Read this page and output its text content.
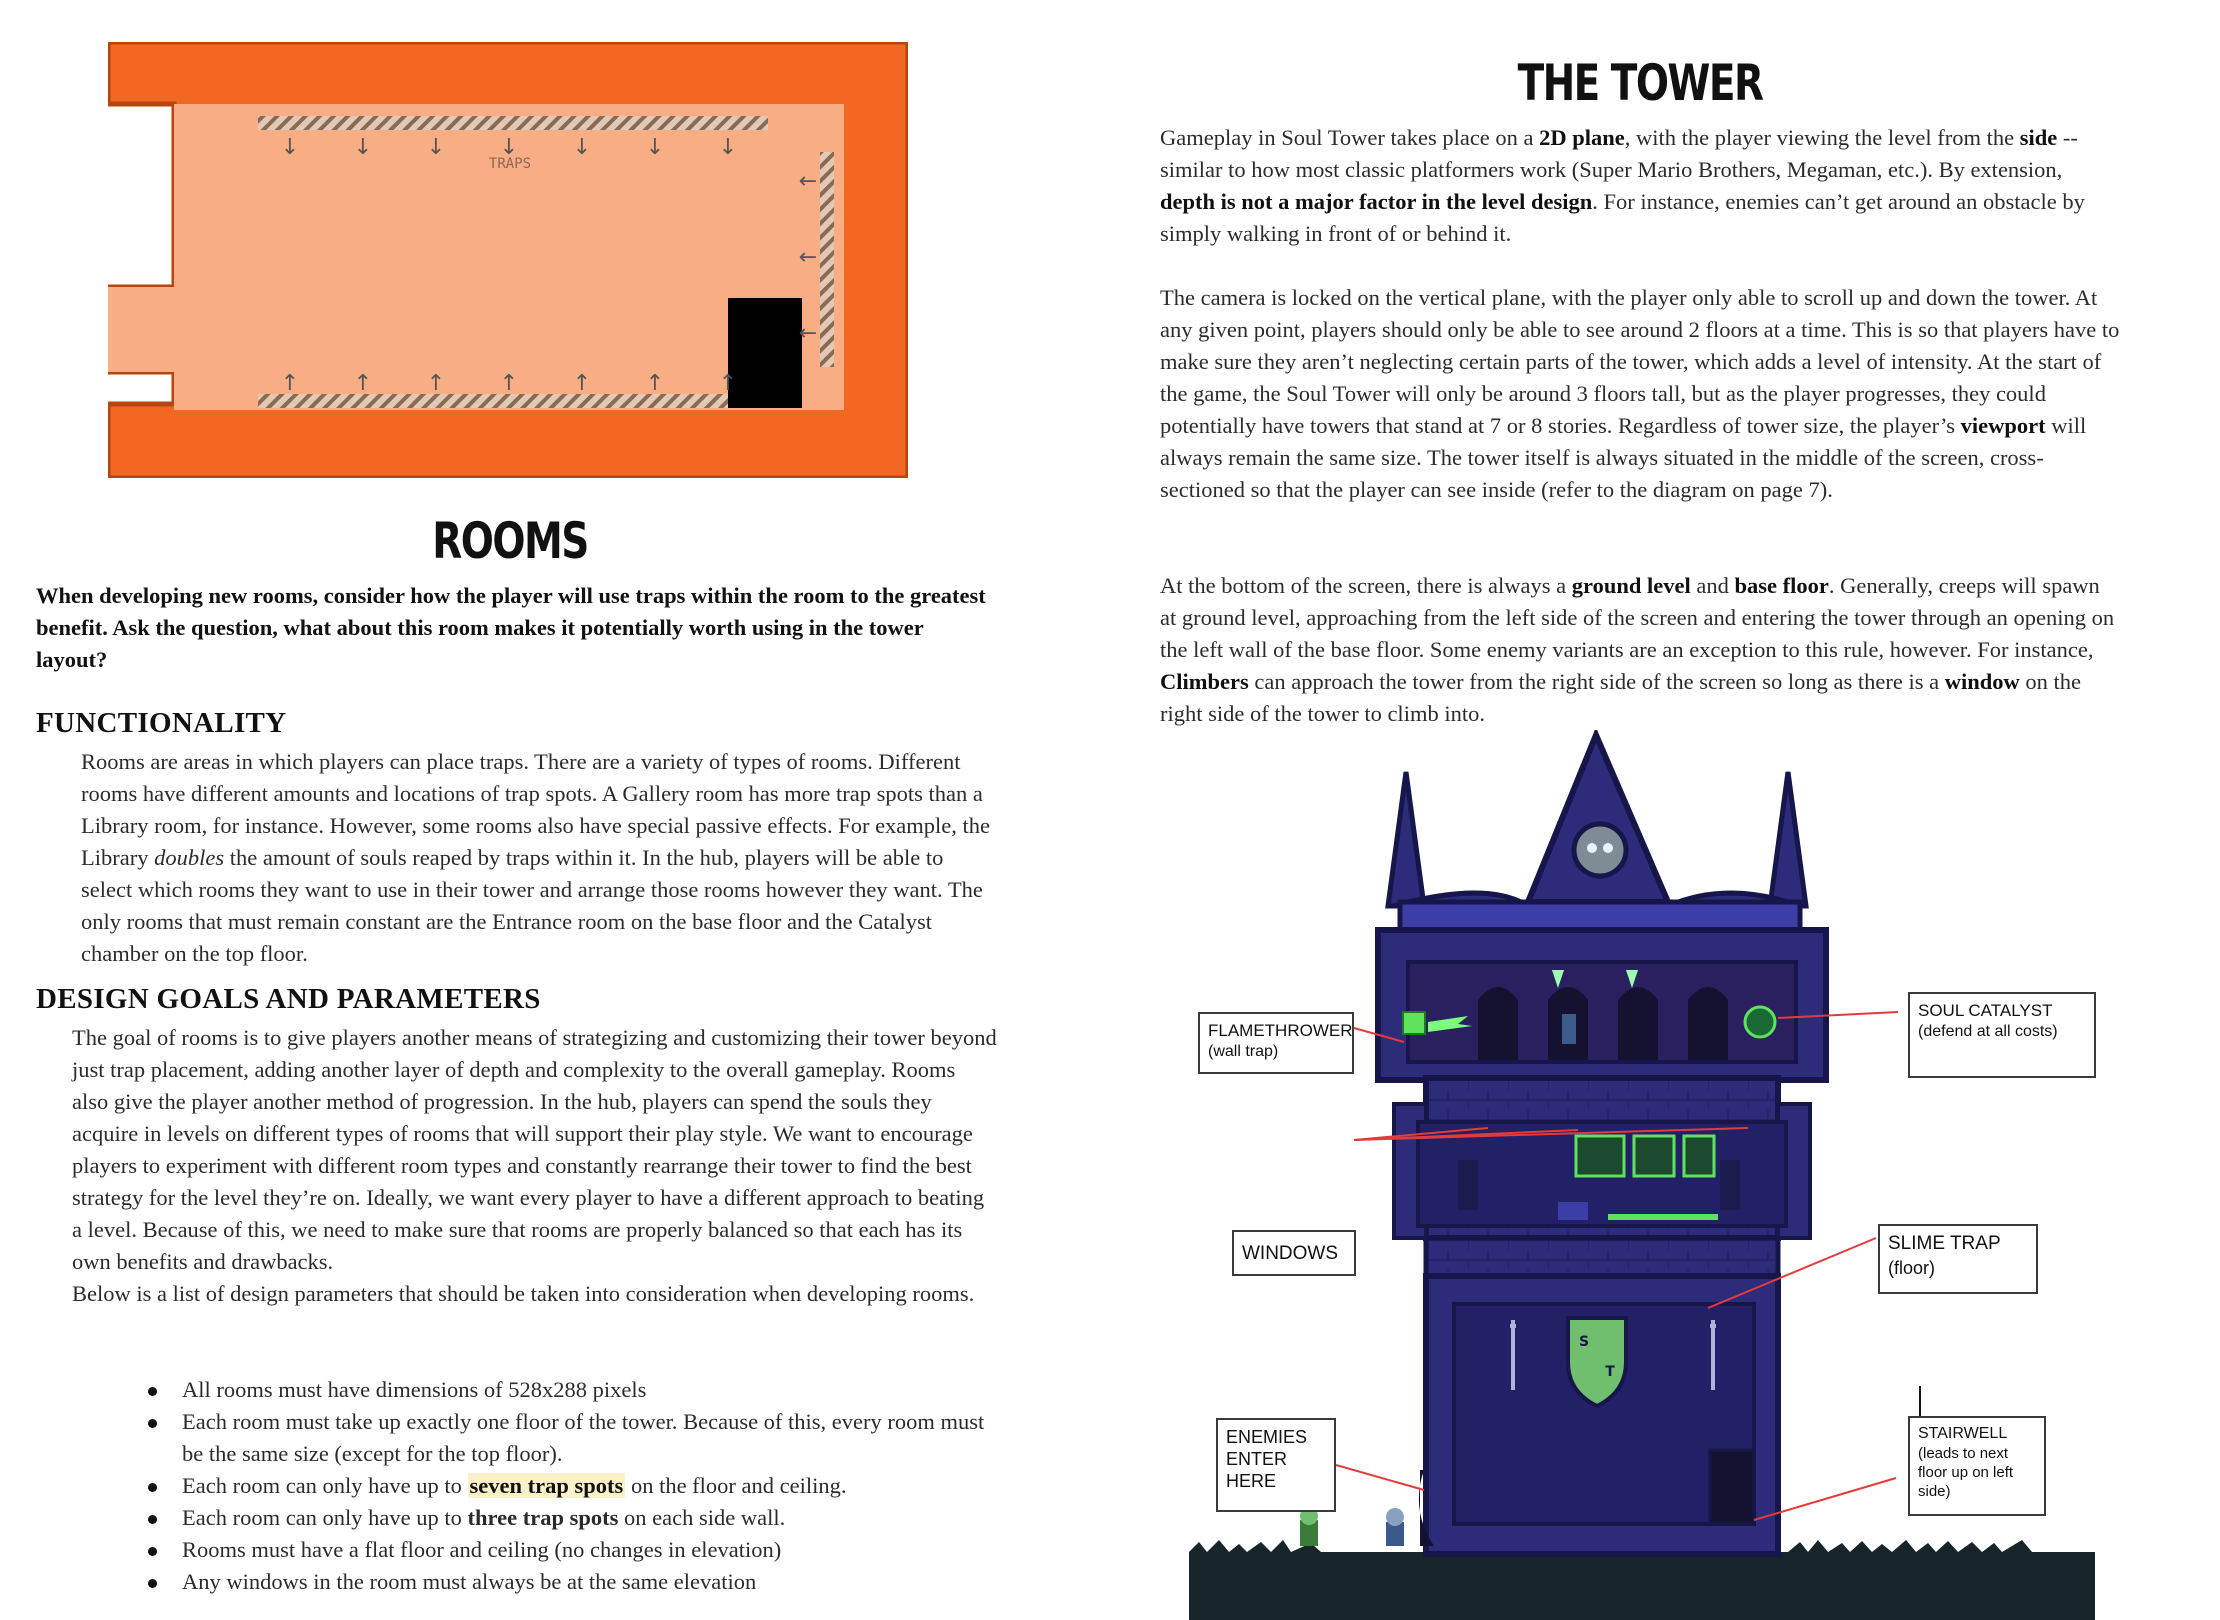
↓ ↓ ↓ ↓ ↓ ↓ ↓
↑ ↑ ↑ ↑ ↑ ↑ ↑
←
←
←
TRAPS
ROOMS

When developing new rooms, consider how the player will use traps within the room to the greatest benefit. Ask the question, what about this room makes it potentially worth using in the tower layout?

FUNCTIONALITY

Rooms are areas in which players can place traps. There are a variety of types of rooms. Different rooms have different amounts and locations of trap spots. A Gallery room has more trap spots than a Library room, for instance. However, some rooms also have special passive effects. For example, the Library doubles the amount of souls reaped by traps within it. In the hub, players will be able to select which rooms they want to use in their tower and arrange those rooms however they want. The only rooms that must remain constant are the Entrance room on the base floor and the Catalyst chamber on the top floor.

DESIGN GOALS AND PARAMETERS

The goal of rooms is to give players another means of strategizing and customizing their tower beyond just trap placement, adding another layer of depth and complexity to the overall gameplay. Rooms also give the player another method of progression. In the hub, players can spend the souls they acquire in levels on different types of rooms that will support their play style. We want to encourage players to experiment with different room types and constantly rearrange their tower to find the best strategy for the level they’re on. Ideally, we want every player to have a different approach to beating a level. Because of this, we need to make sure that rooms are properly balanced so that each has its own benefits and drawbacks.
Below is a list of design parameters that should be taken into consideration when developing rooms.

All rooms must have dimensions of 528x288 pixels
Each room must take up exactly one floor of the tower. Because of this, every room must be the same size (except for the top floor).
Each room can only have up to seven trap spots on the floor and ceiling.
Each room can only have up to three trap spots on each side wall.
Rooms must have a flat floor and ceiling (no changes in elevation)
Any windows in the room must always be at the same elevation
THE TOWER

Gameplay in Soul Tower takes place on a 2D plane, with the player viewing the level from the side -- similar to how most classic platformers work (Super Mario Brothers, Megaman, etc.). By extension, depth is not a major factor in the level design. For instance, enemies can’t get around an obstacle by simply walking in front of or behind it.

The camera is locked on the vertical plane, with the player only able to scroll up and down the tower. At any given point, players should only be able to see around 2 floors at a time. This is so that players have to make sure they aren’t neglecting certain parts of the tower, which adds a level of intensity. At the start of the game, the Soul Tower will only be around 3 floors tall, but as the player progresses, they could potentially have towers that stand at 7 or 8 stories. Regardless of tower size, the player’s viewport will always remain the same size. The tower itself is always situated in the middle of the screen, cross-sectioned so that the player can see inside (refer to the diagram on page 7).

At the bottom of the screen, there is always a ground level and base floor. Generally, creeps will spawn at ground level, approaching from the left side of the screen and entering the tower through an opening on the left wall of the base floor. Some enemy variants are an exception to this rule, however. For instance, Climbers can approach the tower from the right side of the screen so long as there is a window on the right side of the tower to climb into.

S
T
FLAMETHROWER
(wall trap)
SOUL CATALYST
(defend at all costs)
WINDOWS	SLIME TRAP
(floor)
ENEMIES ENTER HERE
STAIRWELL
(leads to next floor up on left side)
